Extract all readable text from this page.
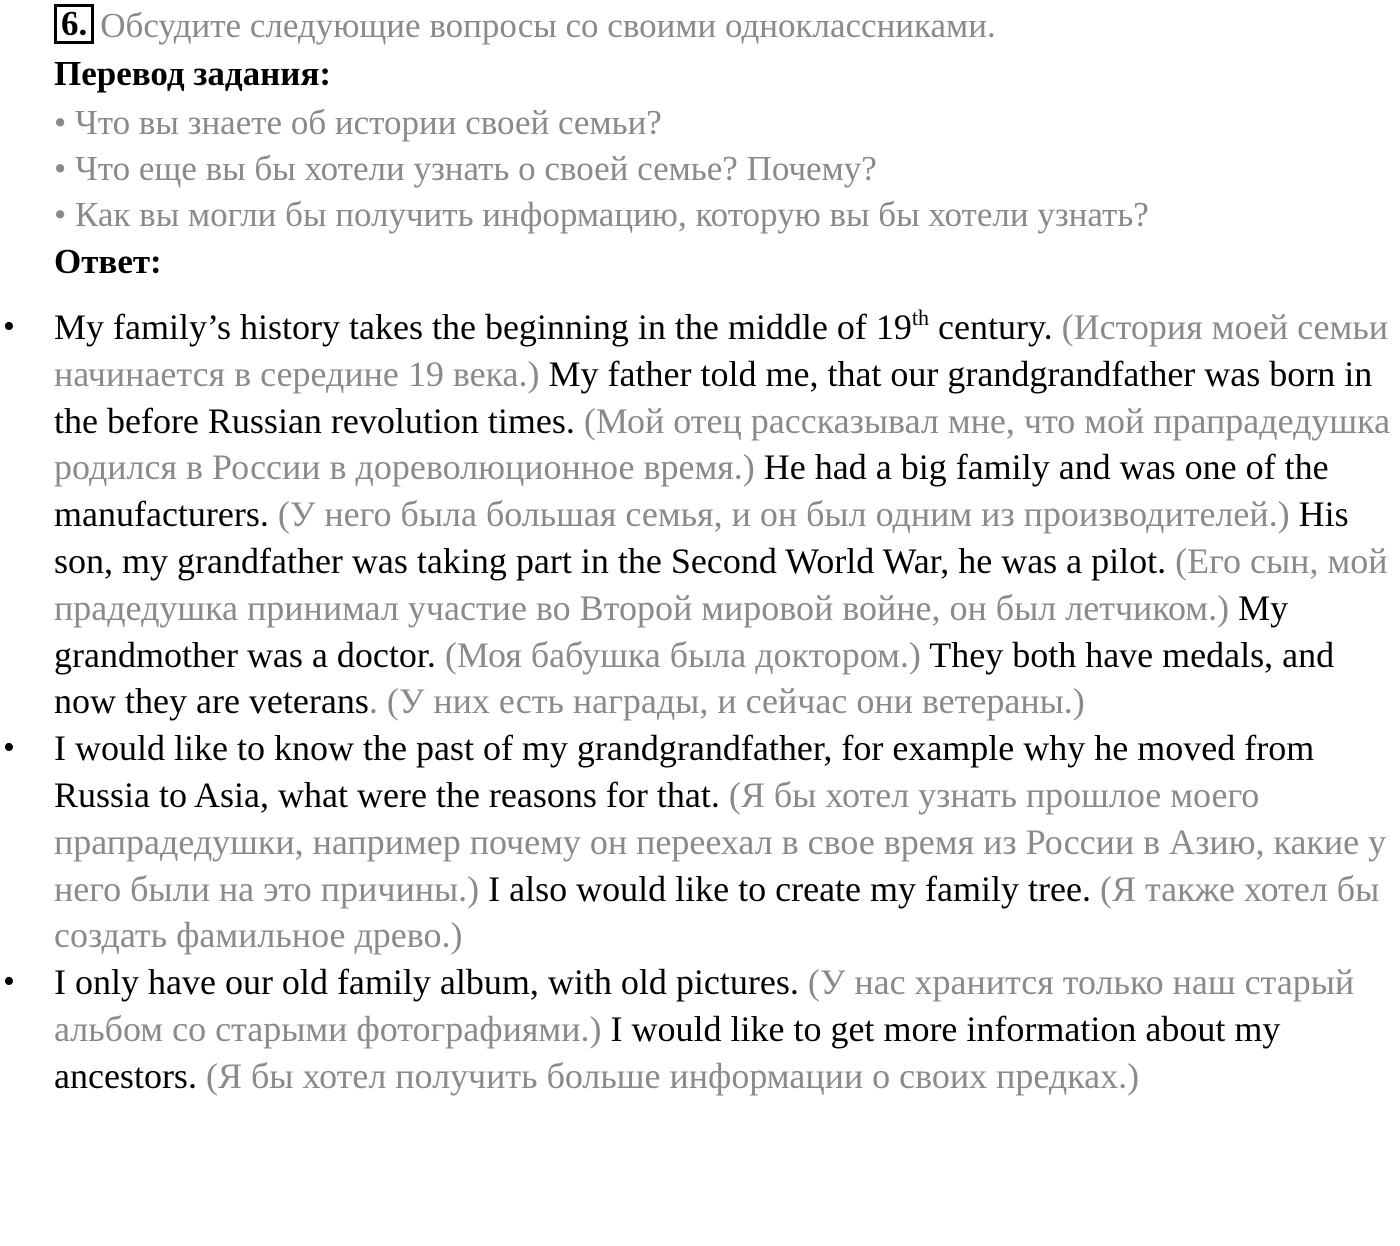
6. Обсудите следующие вопросы со своими одноклассниками.
Перевод задания:
• Что вы знаете об истории своей семьи?
• Что еще вы бы хотели узнать о своей семье? Почему?
• Как вы могли бы получить информацию, которую вы бы хотели узнать?
Ответ:
• My family’s history takes the beginning in the middle of 19th century. (История моей семьи начинается в середине 19 века.) My father told me, that our grandgrandfather was born in the before Russian revolution times. (Мой отец рассказывал мне, что мой прапрадедушка родился в России в дореволюционное время.) He had a big family and was one of the manufacturers. (У него была большая семья, и он был одним из производителей.) His son, my grandfather was taking part in the Second World War, he was a pilot. (Его сын, мой прадедушка принимал участие во Второй мировой войне, он был летчиком.) My grandmother was a doctor. (Моя бабушка была доктором.) They both have medals, and now they are veterans. (У них есть награды, и сейчас они ветераны.)
• I would like to know the past of my grandgrandfather, for example why he moved from Russia to Asia, what were the reasons for that. (Я бы хотел узнать прошлое моего прапрадедушки, например почему он переехал в свое время из России в Азию, какие у него были на это причины.) I also would like to create my family tree. (Я также хотел бы создать фамильное древо.)
• I only have our old family album, with old pictures. (У нас хранится только наш старый альбом со старыми фотографиями.) I would like to get more information about my ancestors. (Я бы хотел получить больше информации о своих предках.)
